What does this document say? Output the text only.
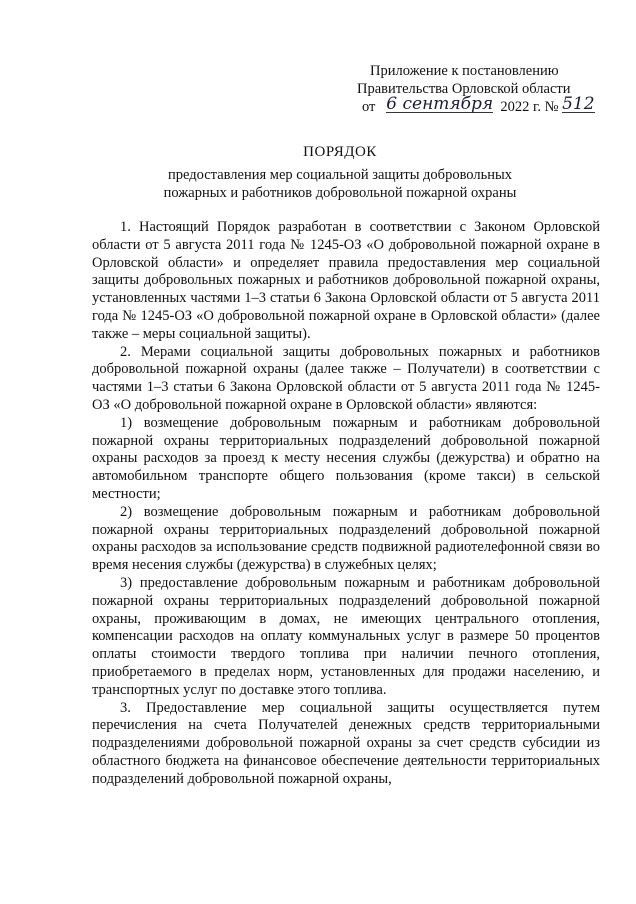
Приложение к постановлению
Правительства Орловской области
от 6 сентября 2022 г. № 512
ПОРЯДОК
предоставления мер социальной защиты добровольных
пожарных и работников добровольной пожарной охраны

1. Настоящий Порядок разработан в соответствии с Законом Орловской области от 5 августа 2011 года № 1245-ОЗ «О добровольной пожарной охране в Орловской области» и определяет правила предоставления мер социальной защиты добровольных пожарных и работников добровольной пожарной охраны, установленных частями 1–3 статьи 6 Закона Орловской области от 5 августа 2011 года № 1245-ОЗ «О добровольной пожарной охране в Орловской области» (далее также – меры социальной защиты).

2. Мерами социальной защиты добровольных пожарных и работников добровольной пожарной охраны (далее также – Получатели) в соответствии с частями 1–3 статьи 6 Закона Орловской области от 5 августа 2011 года № 1245-ОЗ «О добровольной пожарной охране в Орловской области» являются:

1) возмещение добровольным пожарным и работникам добровольной пожарной охраны территориальных подразделений добровольной пожарной охраны расходов за проезд к месту несения службы (дежурства) и обратно на автомобильном транспорте общего пользования (кроме такси) в сельской местности;

2) возмещение добровольным пожарным и работникам добровольной пожарной охраны территориальных подразделений добровольной пожарной охраны расходов за использование средств подвижной радиотелефонной связи во время несения службы (дежурства) в служебных целях;

3) предоставление добровольным пожарным и работникам добровольной пожарной охраны территориальных подразделений добровольной пожарной охраны, проживающим в домах, не имеющих центрального отопления, компенсации расходов на оплату коммунальных услуг в размере 50 процентов оплаты стоимости твердого топлива при наличии печного отопления, приобретаемого в пределах норм, установленных для продажи населению, и транспортных услуг по доставке этого топлива.

3. Предоставление мер социальной защиты осуществляется путем перечисления на счета Получателей денежных средств территориальными подразделениями добровольной пожарной охраны за счет средств субсидии из областного бюджета на финансовое обеспечение деятельности территориальных подразделений добровольной пожарной охраны,
